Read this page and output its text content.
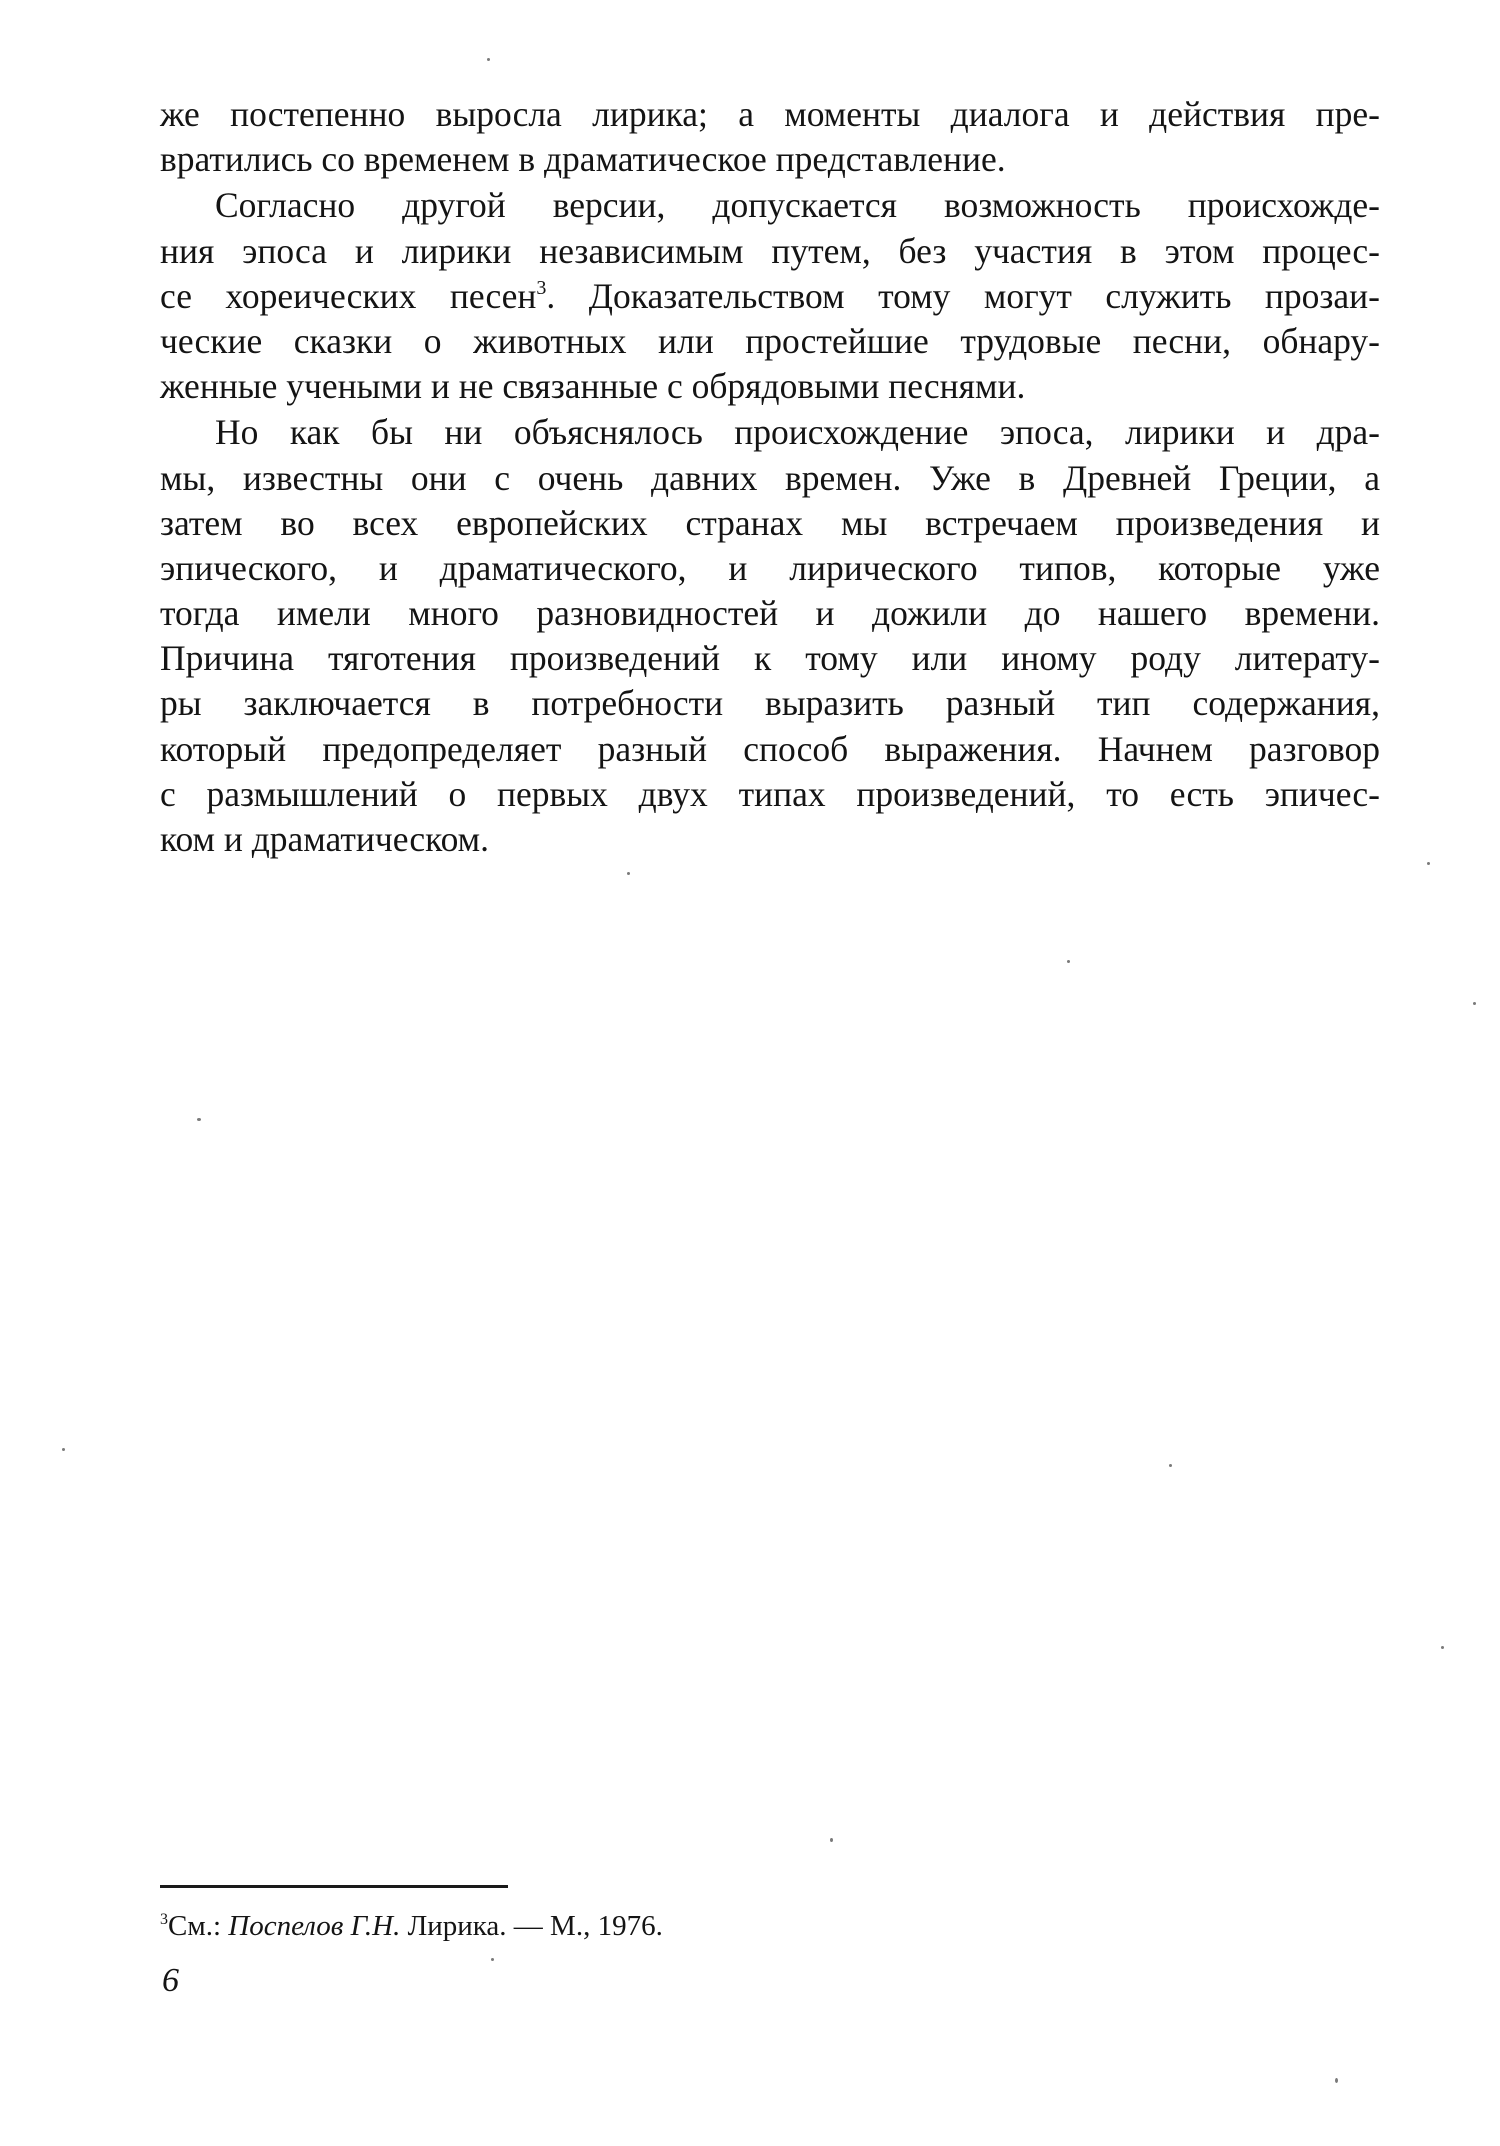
же постепенно выросла лирика; а моменты диалога и действия пре-
вратились со временем в драматическое представление.
Согласно другой версии, допускается возможность происхожде-
ния эпоса и лирики независимым путем, без участия в этом процес-
се хореических песен$^3$. Доказательством тому могут служить прозаи-
ческие сказки о животных или простейшие трудовые песни, обнару-
женные учеными и не связанные с обрядовыми песнями.
Но как бы ни объяснялось происхождение эпоса, лирики и дра-
мы, известны они с очень давних времен. Уже в Древней Греции, а
затем во всех европейских странах мы встречаем произведения и
эпического, и драматического, и лирического типов, которые уже
тогда имели много разновидностей и дожили до нашего времени.
Причина тяготения произведений к тому или иному роду литерату-
ры заключается в потребности выразить разный тип содержания,
который предопределяет разный способ выражения. Начнем разговор
с размышлений о первых двух типах произведений, то есть эпичес-
ком и драматическом.
$^3$См.: Поспелов Г.Н. Лирика. — М., 1976.
6
